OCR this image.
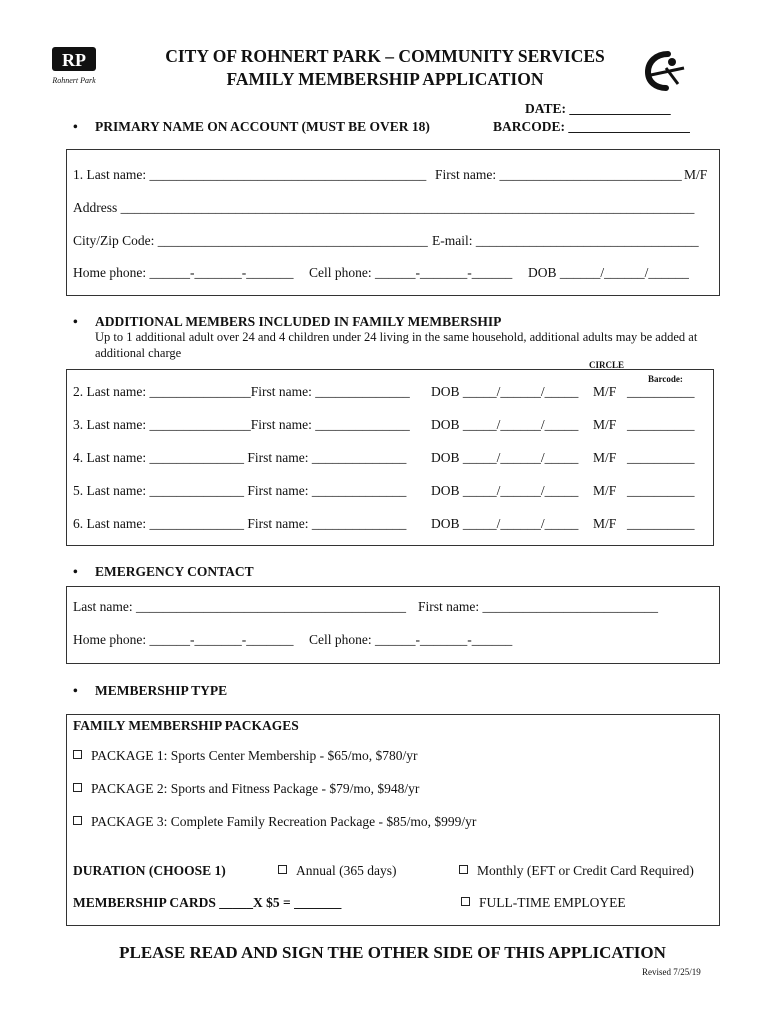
RP
Rohnert Park
CITY OF ROHNERT PARK – COMMUNITY SERVICES
FAMILY MEMBERSHIP APPLICATION
DATE: _______________
BARCODE: __________________
• PRIMARY NAME ON ACCOUNT (MUST BE OVER 18)
1. Last name: _________________________________________ First name: ___________________________ M/F
Address _____________________________________________________________________________________
City/Zip Code: ________________________________________ E-mail: _________________________________
Home phone: ______-_______-_______ Cell phone: ______-_______-______ DOB ______/______/______
• ADDITIONAL MEMBERS INCLUDED IN FAMILY MEMBERSHIP
Up to 1 additional adult over 24 and 4 children under 24 living in the same household, additional adults may be added at
additional charge
CIRCLE
Barcode:
2. Last name: _______________First name: ______________ DOB _____/______/_____ M/F __________
3. Last name: _______________First name: ______________ DOB _____/______/_____ M/F __________
4. Last name: ______________ First name: ______________ DOB _____/______/_____ M/F __________
5. Last name: ______________ First name: ______________ DOB _____/______/_____ M/F __________
6. Last name: ______________ First name: ______________ DOB _____/______/_____ M/F __________
• EMERGENCY CONTACT
Last name: ________________________________________ First name: __________________________
Home phone: ______-_______-_______ Cell phone: ______-_______-______
• MEMBERSHIP TYPE
FAMILY MEMBERSHIP PACKAGES
PACKAGE 1: Sports Center Membership - $65/mo, $780/yr
PACKAGE 2: Sports and Fitness Package - $79/mo, $948/yr
PACKAGE 3: Complete Family Recreation Package - $85/mo, $999/yr
DURATION (CHOOSE 1)	Annual (365 days)	Monthly (EFT or Credit Card Required)
MEMBERSHIP CARDS _____X $5 = _______	FULL-TIME EMPLOYEE
PLEASE READ AND SIGN THE OTHER SIDE OF THIS APPLICATION
Revised 7/25/19
